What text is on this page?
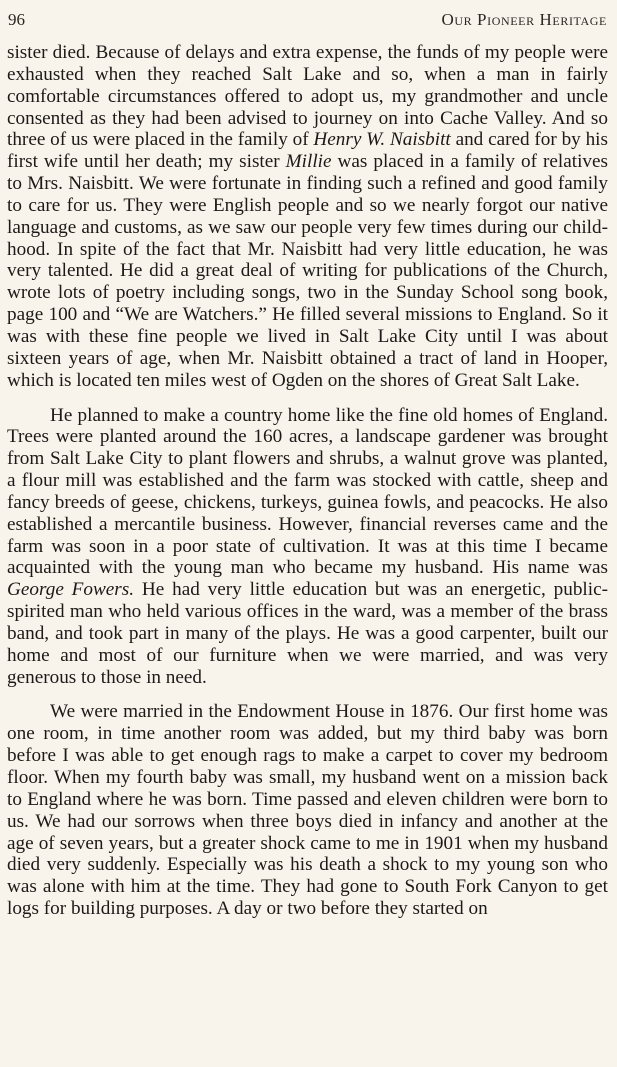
96	Our Pioneer Heritage

sister died. Because of delays and extra expense, the funds of my people were exhausted when they reached Salt Lake and so, when a man in fairly comfortable circumstances offered to adopt us, my grandmother and uncle consented as they had been advised to journey on into Cache Valley. And so three of us were placed in the family of Henry W. Naisbitt and cared for by his first wife until her death; my sister Millie was placed in a family of relatives to Mrs. Naisbitt. We were fortunate in finding such a refined and good family to care for us. They were English people and so we nearly forgot our native language and customs, as we saw our people very few times during our childhood. In spite of the fact that Mr. Naisbitt had very little education, he was very talented. He did a great deal of writing for publications of the Church, wrote lots of poetry including songs, two in the Sunday School song book, page 100 and “We are Watchers.” He filled several missions to England. So it was with these fine people we lived in Salt Lake City until I was about sixteen years of age, when Mr. Naisbitt obtained a tract of land in Hooper, which is located ten miles west of Ogden on the shores of Great Salt Lake.

He planned to make a country home like the fine old homes of England. Trees were planted around the 160 acres, a landscape gardener was brought from Salt Lake City to plant flowers and shrubs, a walnut grove was planted, a flour mill was established and the farm was stocked with cattle, sheep and fancy breeds of geese, chickens, turkeys, guinea fowls, and peacocks. He also established a mercantile business. However, financial reverses came and the farm was soon in a poor state of cultivation. It was at this time I became acquainted with the young man who became my husband. His name was George Fowers. He had very little education but was an energetic, public-spirited man who held various offices in the ward, was a member of the brass band, and took part in many of the plays. He was a good carpenter, built our home and most of our furniture when we were married, and was very generous to those in need.

We were married in the Endowment House in 1876. Our first home was one room, in time another room was added, but my third baby was born before I was able to get enough rags to make a carpet to cover my bedroom floor. When my fourth baby was small, my husband went on a mission back to England where he was born. Time passed and eleven children were born to us. We had our sorrows when three boys died in infancy and another at the age of seven years, but a greater shock came to me in 1901 when my husband died very suddenly. Especially was his death a shock to my young son who was alone with him at the time. They had gone to South Fork Canyon to get logs for building purposes. A day or two before they started on
